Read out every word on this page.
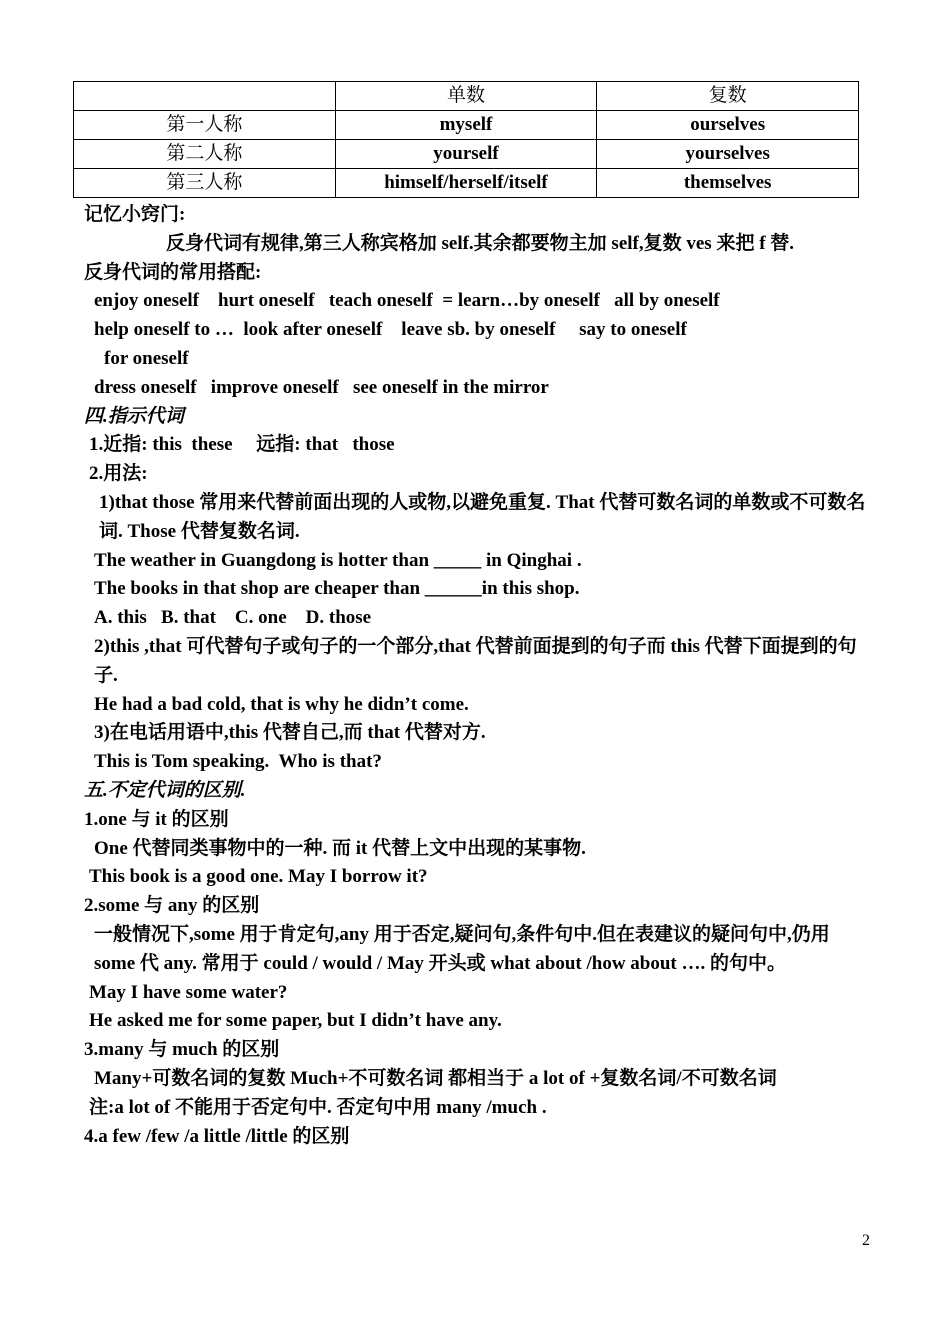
	单数	复数
第一人称	myself	ourselves
第二人称	yourself	yourselves
第三人称	himself/herself/itself	themselves
记忆小窍门:
反身代词有规律,第三人称宾格加 self.其余都要物主加 self,复数 ves 来把 f 替.
反身代词的常用搭配:
enjoy oneself    hurt oneself   teach oneself  = learn…by oneself   all by oneself
help oneself to …  look after oneself    leave sb. by oneself     say to oneself
for oneself
dress oneself   improve oneself   see oneself in the mirror
四.指示代词
1.近指: this  these     远指: that   those
2.用法:
1)that those 常用来代替前面出现的人或物,以避免重复. That 代替可数名词的单数或不可数名词. Those 代替复数名词.
The weather in Guangdong is hotter than _____ in Qinghai .
The books in that shop are cheaper than ______in this shop.
A. this   B. that    C. one    D. those
2)this ,that 可代替句子或句子的一个部分,that 代替前面提到的句子而 this 代替下面提到的句子.
He had a bad cold, that is why he didn’t come.
3)在电话用语中,this 代替自己,而 that 代替对方.
This is Tom speaking.  Who is that?
五.不定代词的区别.
1.one 与 it 的区别
One 代替同类事物中的一种. 而 it 代替上文中出现的某事物.
This book is a good one. May I borrow it?
2.some 与 any 的区别
一般情况下,some 用于肯定句,any 用于否定,疑问句,条件句中.但在表建议的疑问句中,仍用 some 代 any. 常用于 could / would / May 开头或 what about /how about …. 的句中。
May I have some water?
He asked me for some paper, but I didn’t have any.
3.many 与 much 的区别
Many+可数名词的复数 Much+不可数名词 都相当于 a lot of +复数名词/不可数名词
注:a lot of 不能用于否定句中. 否定句中用 many /much .
4.a few /few /a little /little 的区别
2
